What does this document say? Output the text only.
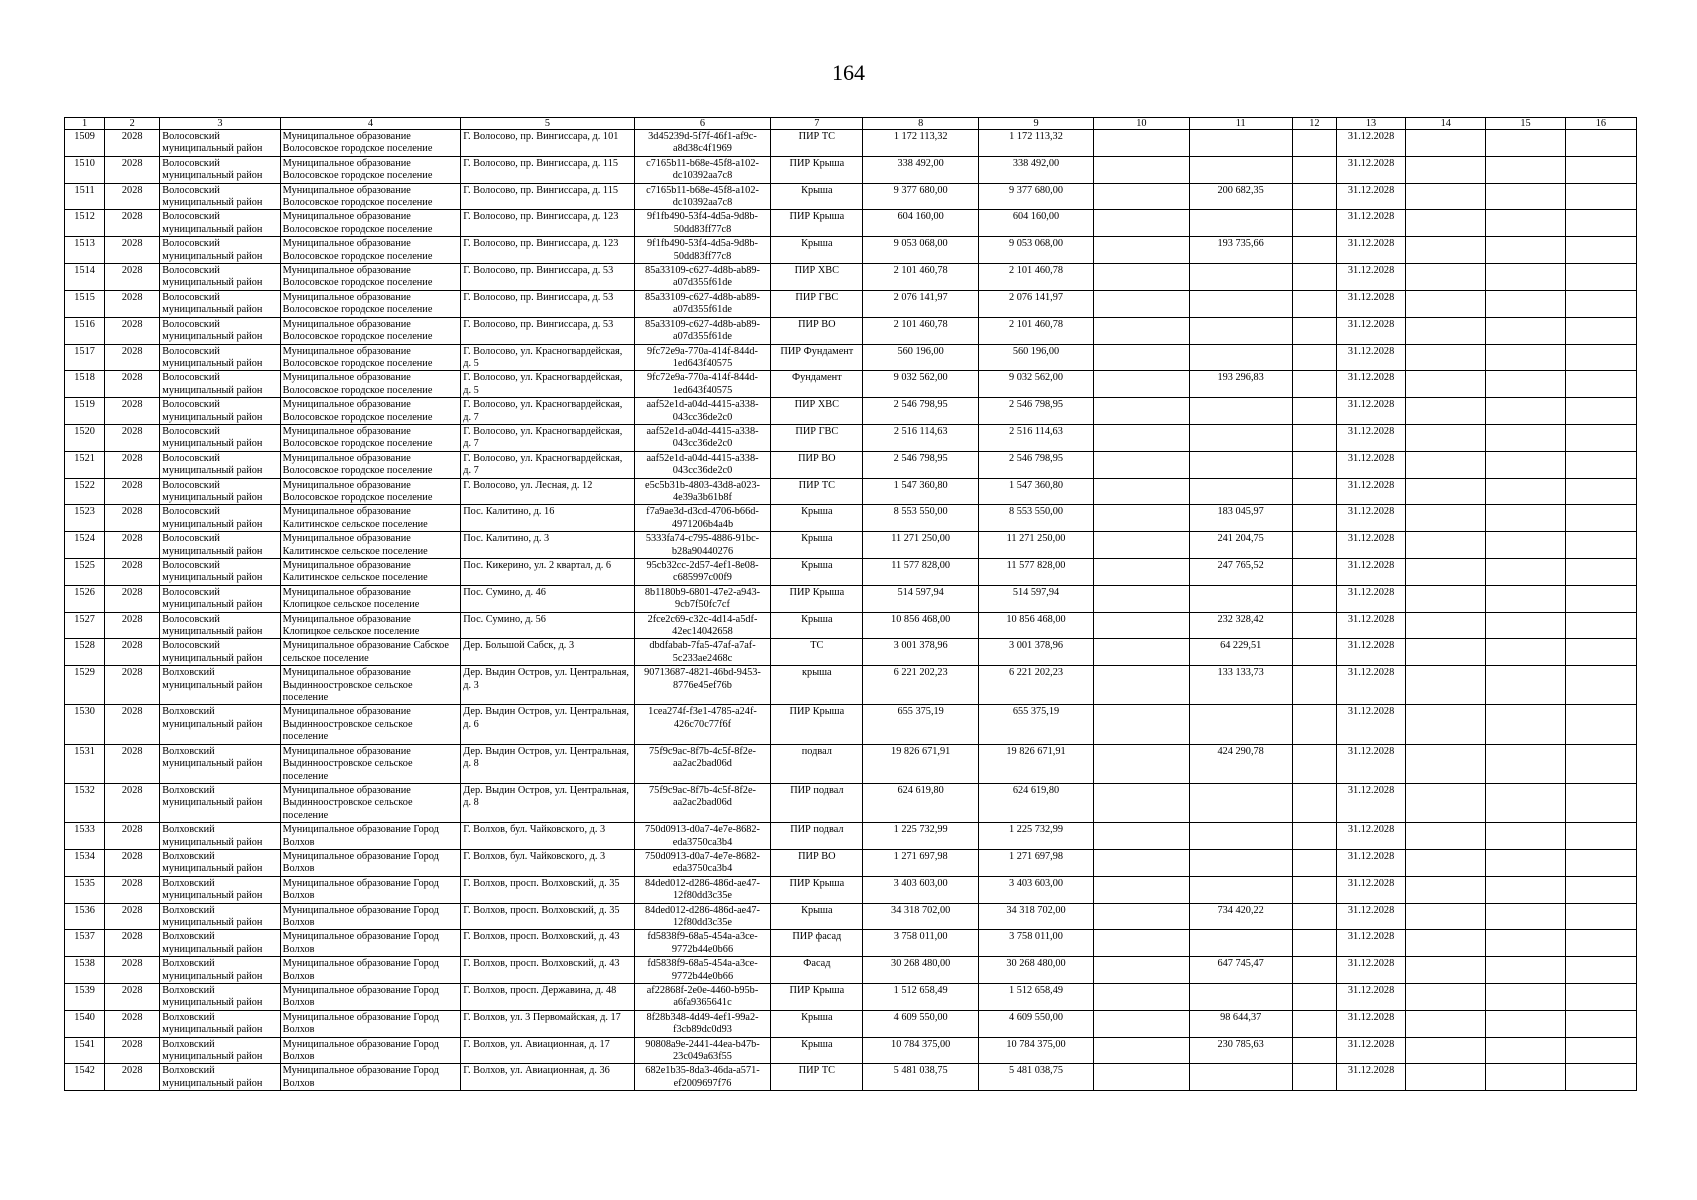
164
1	2	3	4	5	6	7	8	9	10	11	12	13	14	15	16
1509	2028	Волосовский муниципальный район	Муниципальное образование Волосовское городское поселение	Г. Волосово, пр. Вингиссара, д. 101	3d45239d-5f7f-46f1-af9c-a8d38c4f1969	ПИР ТС	1 172 113,32	1 172 113,32				31.12.2028			
1510	2028	Волосовский муниципальный район	Муниципальное образование Волосовское городское поселение	Г. Волосово, пр. Вингиссара, д. 115	c7165b11-b68e-45f8-a102-dc10392aa7c8	ПИР Крыша	338 492,00	338 492,00				31.12.2028			
1511	2028	Волосовский муниципальный район	Муниципальное образование Волосовское городское поселение	Г. Волосово, пр. Вингиссара, д. 115	c7165b11-b68e-45f8-a102-dc10392aa7c8	Крыша	9 377 680,00	9 377 680,00		200 682,35		31.12.2028			
1512	2028	Волосовский муниципальный район	Муниципальное образование Волосовское городское поселение	Г. Волосово, пр. Вингиссара, д. 123	9f1fb490-53f4-4d5a-9d8b-50dd83ff77c8	ПИР Крыша	604 160,00	604 160,00				31.12.2028			
1513	2028	Волосовский муниципальный район	Муниципальное образование Волосовское городское поселение	Г. Волосово, пр. Вингиссара, д. 123	9f1fb490-53f4-4d5a-9d8b-50dd83ff77c8	Крыша	9 053 068,00	9 053 068,00		193 735,66		31.12.2028			
1514	2028	Волосовский муниципальный район	Муниципальное образование Волосовское городское поселение	Г. Волосово, пр. Вингиссара, д. 53	85a33109-c627-4d8b-ab89-a07d355f61de	ПИР ХВС	2 101 460,78	2 101 460,78				31.12.2028			
1515	2028	Волосовский муниципальный район	Муниципальное образование Волосовское городское поселение	Г. Волосово, пр. Вингиссара, д. 53	85a33109-c627-4d8b-ab89-a07d355f61de	ПИР ГВС	2 076 141,97	2 076 141,97				31.12.2028			
1516	2028	Волосовский муниципальный район	Муниципальное образование Волосовское городское поселение	Г. Волосово, пр. Вингиссара, д. 53	85a33109-c627-4d8b-ab89-a07d355f61de	ПИР ВО	2 101 460,78	2 101 460,78				31.12.2028			
1517	2028	Волосовский муниципальный район	Муниципальное образование Волосовское городское поселение	Г. Волосово, ул. Красногвардейская, д. 5	9fc72e9a-770a-414f-844d-1ed643f40575	ПИР Фундамент	560 196,00	560 196,00				31.12.2028			
1518	2028	Волосовский муниципальный район	Муниципальное образование Волосовское городское поселение	Г. Волосово, ул. Красногвардейская, д. 5	9fc72e9a-770a-414f-844d-1ed643f40575	Фундамент	9 032 562,00	9 032 562,00		193 296,83		31.12.2028			
1519	2028	Волосовский муниципальный район	Муниципальное образование Волосовское городское поселение	Г. Волосово, ул. Красногвардейская, д. 7	aaf52e1d-a04d-4415-a338-043cc36de2c0	ПИР ХВС	2 546 798,95	2 546 798,95				31.12.2028			
1520	2028	Волосовский муниципальный район	Муниципальное образование Волосовское городское поселение	Г. Волосово, ул. Красногвардейская, д. 7	aaf52e1d-a04d-4415-a338-043cc36de2c0	ПИР ГВС	2 516 114,63	2 516 114,63				31.12.2028			
1521	2028	Волосовский муниципальный район	Муниципальное образование Волосовское городское поселение	Г. Волосово, ул. Красногвардейская, д. 7	aaf52e1d-a04d-4415-a338-043cc36de2c0	ПИР ВО	2 546 798,95	2 546 798,95				31.12.2028			
1522	2028	Волосовский муниципальный район	Муниципальное образование Волосовское городское поселение	Г. Волосово, ул. Лесная, д. 12	e5c5b31b-4803-43d8-a023-4e39a3b61b8f	ПИР ТС	1 547 360,80	1 547 360,80				31.12.2028			
1523	2028	Волосовский муниципальный район	Муниципальное образование Калитинское сельское поселение	Пос. Калитино, д. 16	f7a9ae3d-d3cd-4706-b66d-4971206b4a4b	Крыша	8 553 550,00	8 553 550,00		183 045,97		31.12.2028			
1524	2028	Волосовский муниципальный район	Муниципальное образование Калитинское сельское поселение	Пос. Калитино, д. 3	5333fa74-c795-4886-91bc-b28a90440276	Крыша	11 271 250,00	11 271 250,00		241 204,75		31.12.2028			
1525	2028	Волосовский муниципальный район	Муниципальное образование Калитинское сельское поселение	Пос. Кикерино, ул. 2 квартал, д. 6	95cb32cc-2d57-4ef1-8e08-c685997c00f9	Крыша	11 577 828,00	11 577 828,00		247 765,52		31.12.2028			
1526	2028	Волосовский муниципальный район	Муниципальное образование Клопицкое сельское поселение	Пос. Сумино, д. 46	8b1180b9-6801-47e2-a943-9cb7f50fc7cf	ПИР Крыша	514 597,94	514 597,94				31.12.2028			
1527	2028	Волосовский муниципальный район	Муниципальное образование Клопицкое сельское поселение	Пос. Сумино, д. 56	2fce2c69-c32c-4d14-a5df-42ec14042658	Крыша	10 856 468,00	10 856 468,00		232 328,42		31.12.2028			
1528	2028	Волосовский муниципальный район	Муниципальное образование Сабское сельское поселение	Дер. Большой Сабск, д. 3	dbdfabab-7fa5-47af-a7af-5c233ae2468c	ТС	3 001 378,96	3 001 378,96		64 229,51		31.12.2028			
1529	2028	Волховский муниципальный район	Муниципальное образование Выдинноостровское сельское поселение	Дер. Выдин Остров, ул. Центральная, д. 3	90713687-4821-46bd-9453-8776e45ef76b	крыша	6 221 202,23	6 221 202,23		133 133,73		31.12.2028			
1530	2028	Волховский муниципальный район	Муниципальное образование Выдинноостровское сельское поселение	Дер. Выдин Остров, ул. Центральная, д. 6	1cea274f-f3e1-4785-a24f-426c70c77f6f	ПИР Крыша	655 375,19	655 375,19				31.12.2028			
1531	2028	Волховский муниципальный район	Муниципальное образование Выдинноостровское сельское поселение	Дер. Выдин Остров, ул. Центральная, д. 8	75f9c9ac-8f7b-4c5f-8f2e-aa2ac2bad06d	подвал	19 826 671,91	19 826 671,91		424 290,78		31.12.2028			
1532	2028	Волховский муниципальный район	Муниципальное образование Выдинноостровское сельское поселение	Дер. Выдин Остров, ул. Центральная, д. 8	75f9c9ac-8f7b-4c5f-8f2e-aa2ac2bad06d	ПИР подвал	624 619,80	624 619,80				31.12.2028			
1533	2028	Волховский муниципальный район	Муниципальное образование Город Волхов	Г. Волхов, бул. Чайковского, д. 3	750d0913-d0a7-4e7e-8682-eda3750ca3b4	ПИР подвал	1 225 732,99	1 225 732,99				31.12.2028			
1534	2028	Волховский муниципальный район	Муниципальное образование Город Волхов	Г. Волхов, бул. Чайковского, д. 3	750d0913-d0a7-4e7e-8682-eda3750ca3b4	ПИР ВО	1 271 697,98	1 271 697,98				31.12.2028			
1535	2028	Волховский муниципальный район	Муниципальное образование Город Волхов	Г. Волхов, просп. Волховский, д. 35	84ded012-d286-486d-ae47-12f80dd3c35e	ПИР Крыша	3 403 603,00	3 403 603,00				31.12.2028			
1536	2028	Волховский муниципальный район	Муниципальное образование Город Волхов	Г. Волхов, просп. Волховский, д. 35	84ded012-d286-486d-ae47-12f80dd3c35e	Крыша	34 318 702,00	34 318 702,00		734 420,22		31.12.2028			
1537	2028	Волховский муниципальный район	Муниципальное образование Город Волхов	Г. Волхов, просп. Волховский, д. 43	fd5838f9-68a5-454a-a3ce-9772b44e0b66	ПИР фасад	3 758 011,00	3 758 011,00				31.12.2028			
1538	2028	Волховский муниципальный район	Муниципальное образование Город Волхов	Г. Волхов, просп. Волховский, д. 43	fd5838f9-68a5-454a-a3ce-9772b44e0b66	Фасад	30 268 480,00	30 268 480,00		647 745,47		31.12.2028			
1539	2028	Волховский муниципальный район	Муниципальное образование Город Волхов	Г. Волхов, просп. Державина, д. 48	af22868f-2e0e-4460-b95b-a6fa9365641c	ПИР Крыша	1 512 658,49	1 512 658,49				31.12.2028			
1540	2028	Волховский муниципальный район	Муниципальное образование Город Волхов	Г. Волхов, ул. 3 Первомайская, д. 17	8f28b348-4d49-4ef1-99a2-f3cb89dc0d93	Крыша	4 609 550,00	4 609 550,00		98 644,37		31.12.2028			
1541	2028	Волховский муниципальный район	Муниципальное образование Город Волхов	Г. Волхов, ул. Авиационная, д. 17	90808a9e-2441-44ea-b47b-23c049a63f55	Крыша	10 784 375,00	10 784 375,00		230 785,63		31.12.2028			
1542	2028	Волховский муниципальный район	Муниципальное образование Город Волхов	Г. Волхов, ул. Авиационная, д. 36	682e1b35-8da3-46da-a571-ef2009697f76	ПИР ТС	5 481 038,75	5 481 038,75				31.12.2028			
